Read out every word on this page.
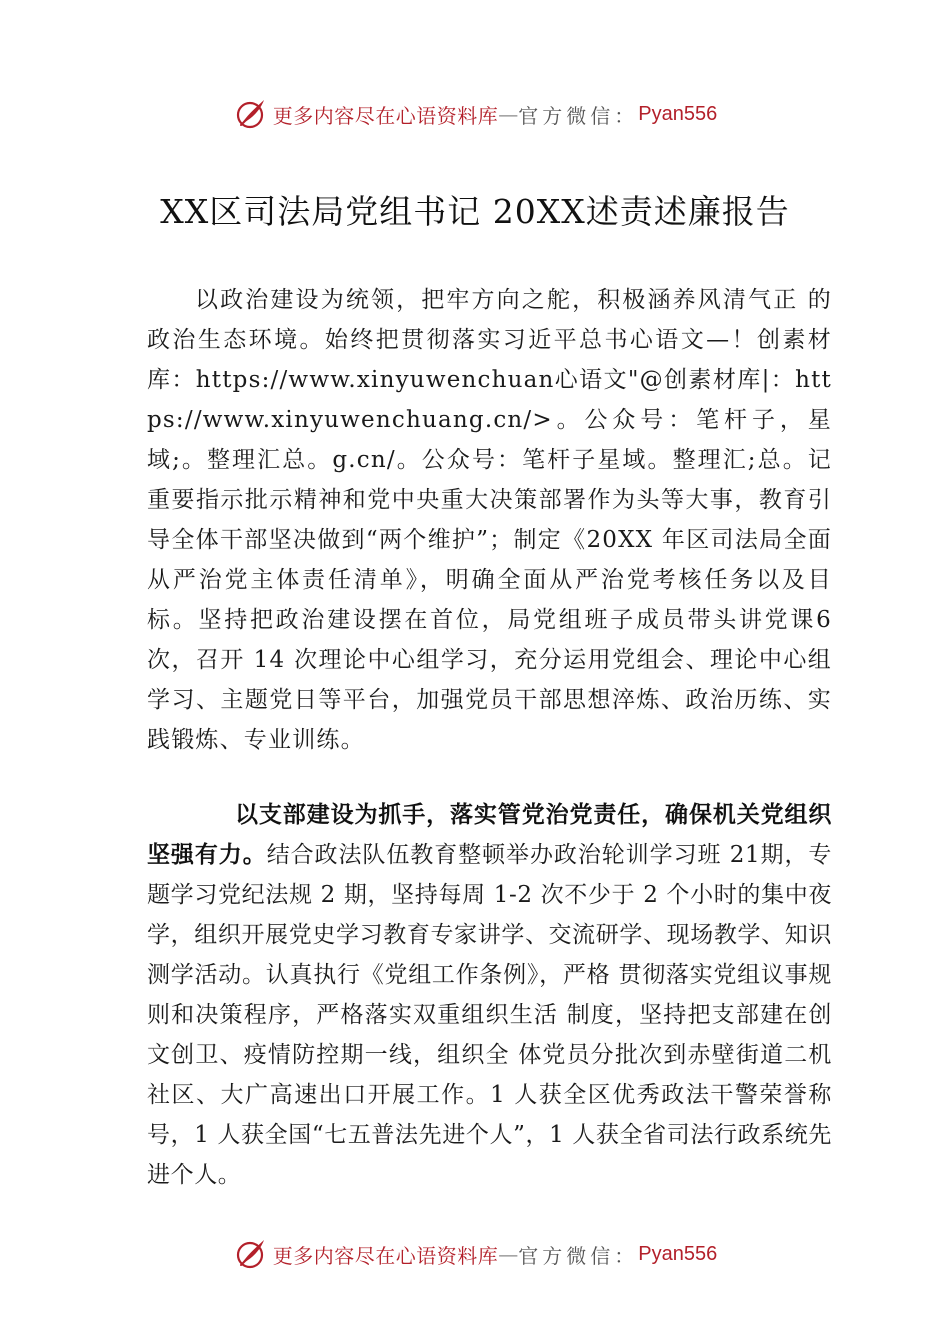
更多内容尽在心语资料库 — 官方微信： Pyan556
XX区司法局党组书记 20XX述责述廉报告

以政治建设为统领，把牢方向之舵，积极涵养风清气正 的政治生态环境。始终把贯彻落实习近平总书心语文—！创素材库：https://www.xinyuwenchuan心语文"@创素材库|：https://www.xinyuwenchuang.cn/>。公众号：笔杆子，星域;。整理汇总。g.cn/。公众号：笔杆子星域。整理汇;总。记重要指示批示精神和党中央重大决策部署作为头等大事，教育引导全体干部坚决做到“两个维护”；制定《20XX 年区司法局全面从严治党主体责任清单》，明确全面从严治党考核任务以及目 标。坚持把政治建设摆在首位，局党组班子成员带头讲党课6 次，召开 14 次理论中心组学习，充分运用党组会、理论中心组学习、主题党日等平台，加强党员干部思想淬炼、政治历练、实践锻炼、专业训练。

以支部建设为抓手，落实管党治党责任，确保机关党组织坚强有力。结合政法队伍教育整顿举办政治轮训学习班 21期，专题学习党纪法规 2 期，坚持每周 1-2 次不少于 2 个小时的集中夜学，组织开展党史学习教育专家讲学、交流研学、现场教学、知识测学活动。认真执行《党组工作条例》，严格 贯彻落实党组议事规则和决策程序，严格落实双重组织生活 制度，坚持把支部建在创文创卫、疫情防控期一线，组织全 体党员分批次到赤壁街道二机社区、大广高速出口开展工作。1 人获全区优秀政法干警荣誉称号，1 人获全国“七五普法先进个人”，1 人获全省司法行政系统先进个人。

更多内容尽在心语资料库 — 官方微信： Pyan556
